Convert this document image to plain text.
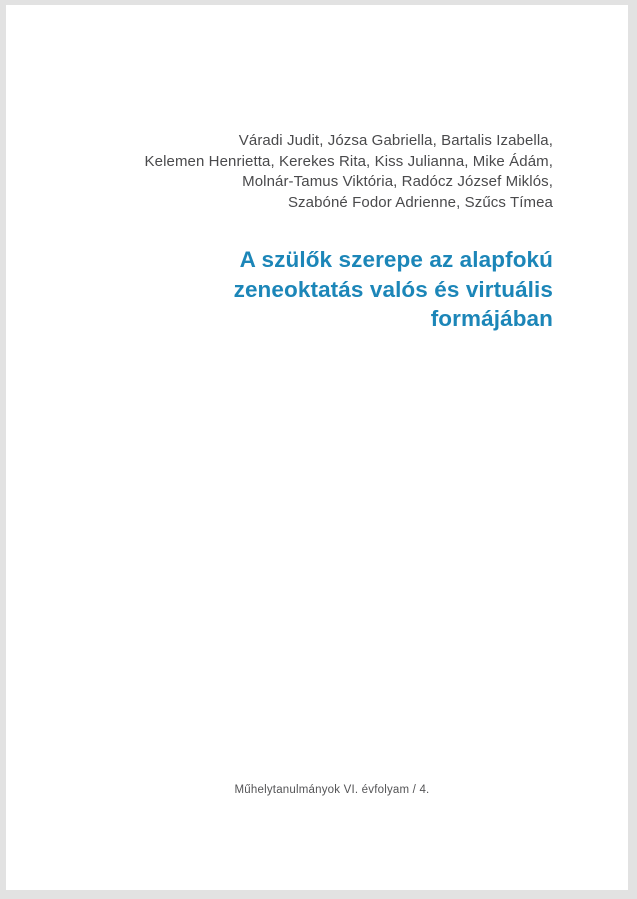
Váradi Judit, Józsa Gabriella, Bartalis Izabella,
Kelemen Henrietta, Kerekes Rita, Kiss Julianna, Mike Ádám,
Molnár-Tamus Viktória, Radócz József Miklós,
Szabóné Fodor Adrienne, Szűcs Tímea
A szülők szerepe az alapfokú
zeneoktatás valós és virtuális
formájában
Műhelytanulmányok VI. évfolyam / 4.
